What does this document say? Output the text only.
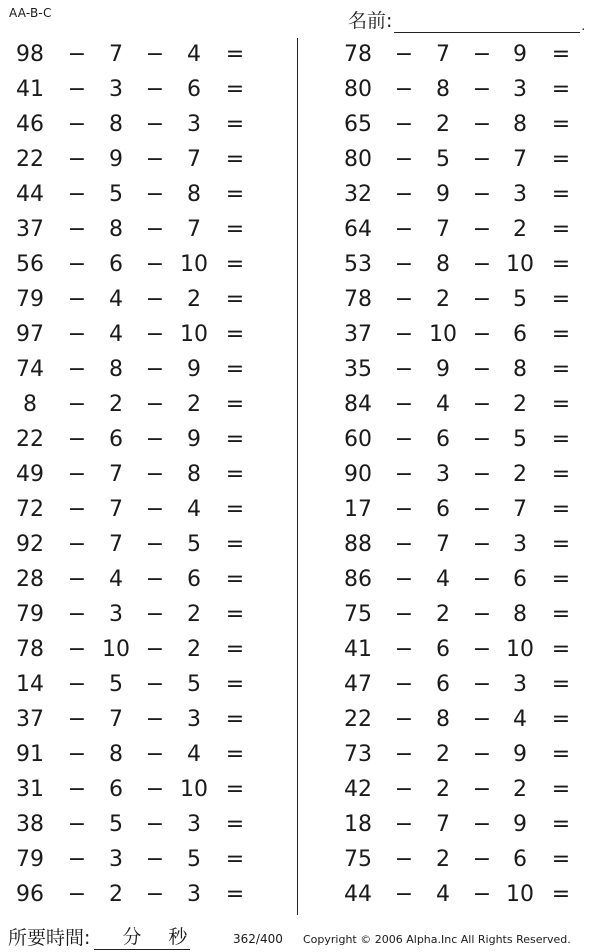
AA-B-C	名前:	.
98 −	7	−	4	=
41 −	3	−	6	=
46 −	8	−	3	=
22 −	9	−	7	=
44 −	5	−	8	=
37 −	8	−	7	=
56 −	6	− 10 =
79 −	4	−	2	=
97 −	4	− 10 =
74 −	8	−	9	=
8	−	2	−	2	=
22 −	6	−	9	=
49 −	7	−	8	=
72 −	7	−	4	=
92 −	7	−	5	=
28 −	4	−	6	=
79 −	3	−	2	=
78 − 10 −	2	=
14 −	5	−	5	=
37 −	7	−	3	=
91 −	8	−	4	=
31 −	6	− 10 =
38 −	5	−	3	=
79 −	3	−	5	=
96 −	2	−	3	=
78 −	7	− 9	=
80 −	8	− 3	=
65 −	2	− 8	=
80 −	5	− 7	=
32 −	9	− 3	=
64 −	7	− 2	=
53 −	8	− 10 =
78 −	2	− 5	=
37 − 10 − 6	=
35 −	9	− 8	=
84 −	4	− 2	=
60 −	6	− 5	=
90 −	3	− 2	=
17 −	6	− 7	=
88 −	7	− 3	=
86 −	4	− 6	=
75 −	2	− 8	=
41 −	6	− 10 =
47 −	6	− 3	=
22 −	8	− 4	=
73 −	2	− 9	=
42 −	2	− 2	=
18 −	7	− 9	=
75 −	2	− 6	=
44 −	4	− 10 =
所要時間: 分 秒	362/400 Copyright © 2006 Alpha.Inc All Rights Reserved.
